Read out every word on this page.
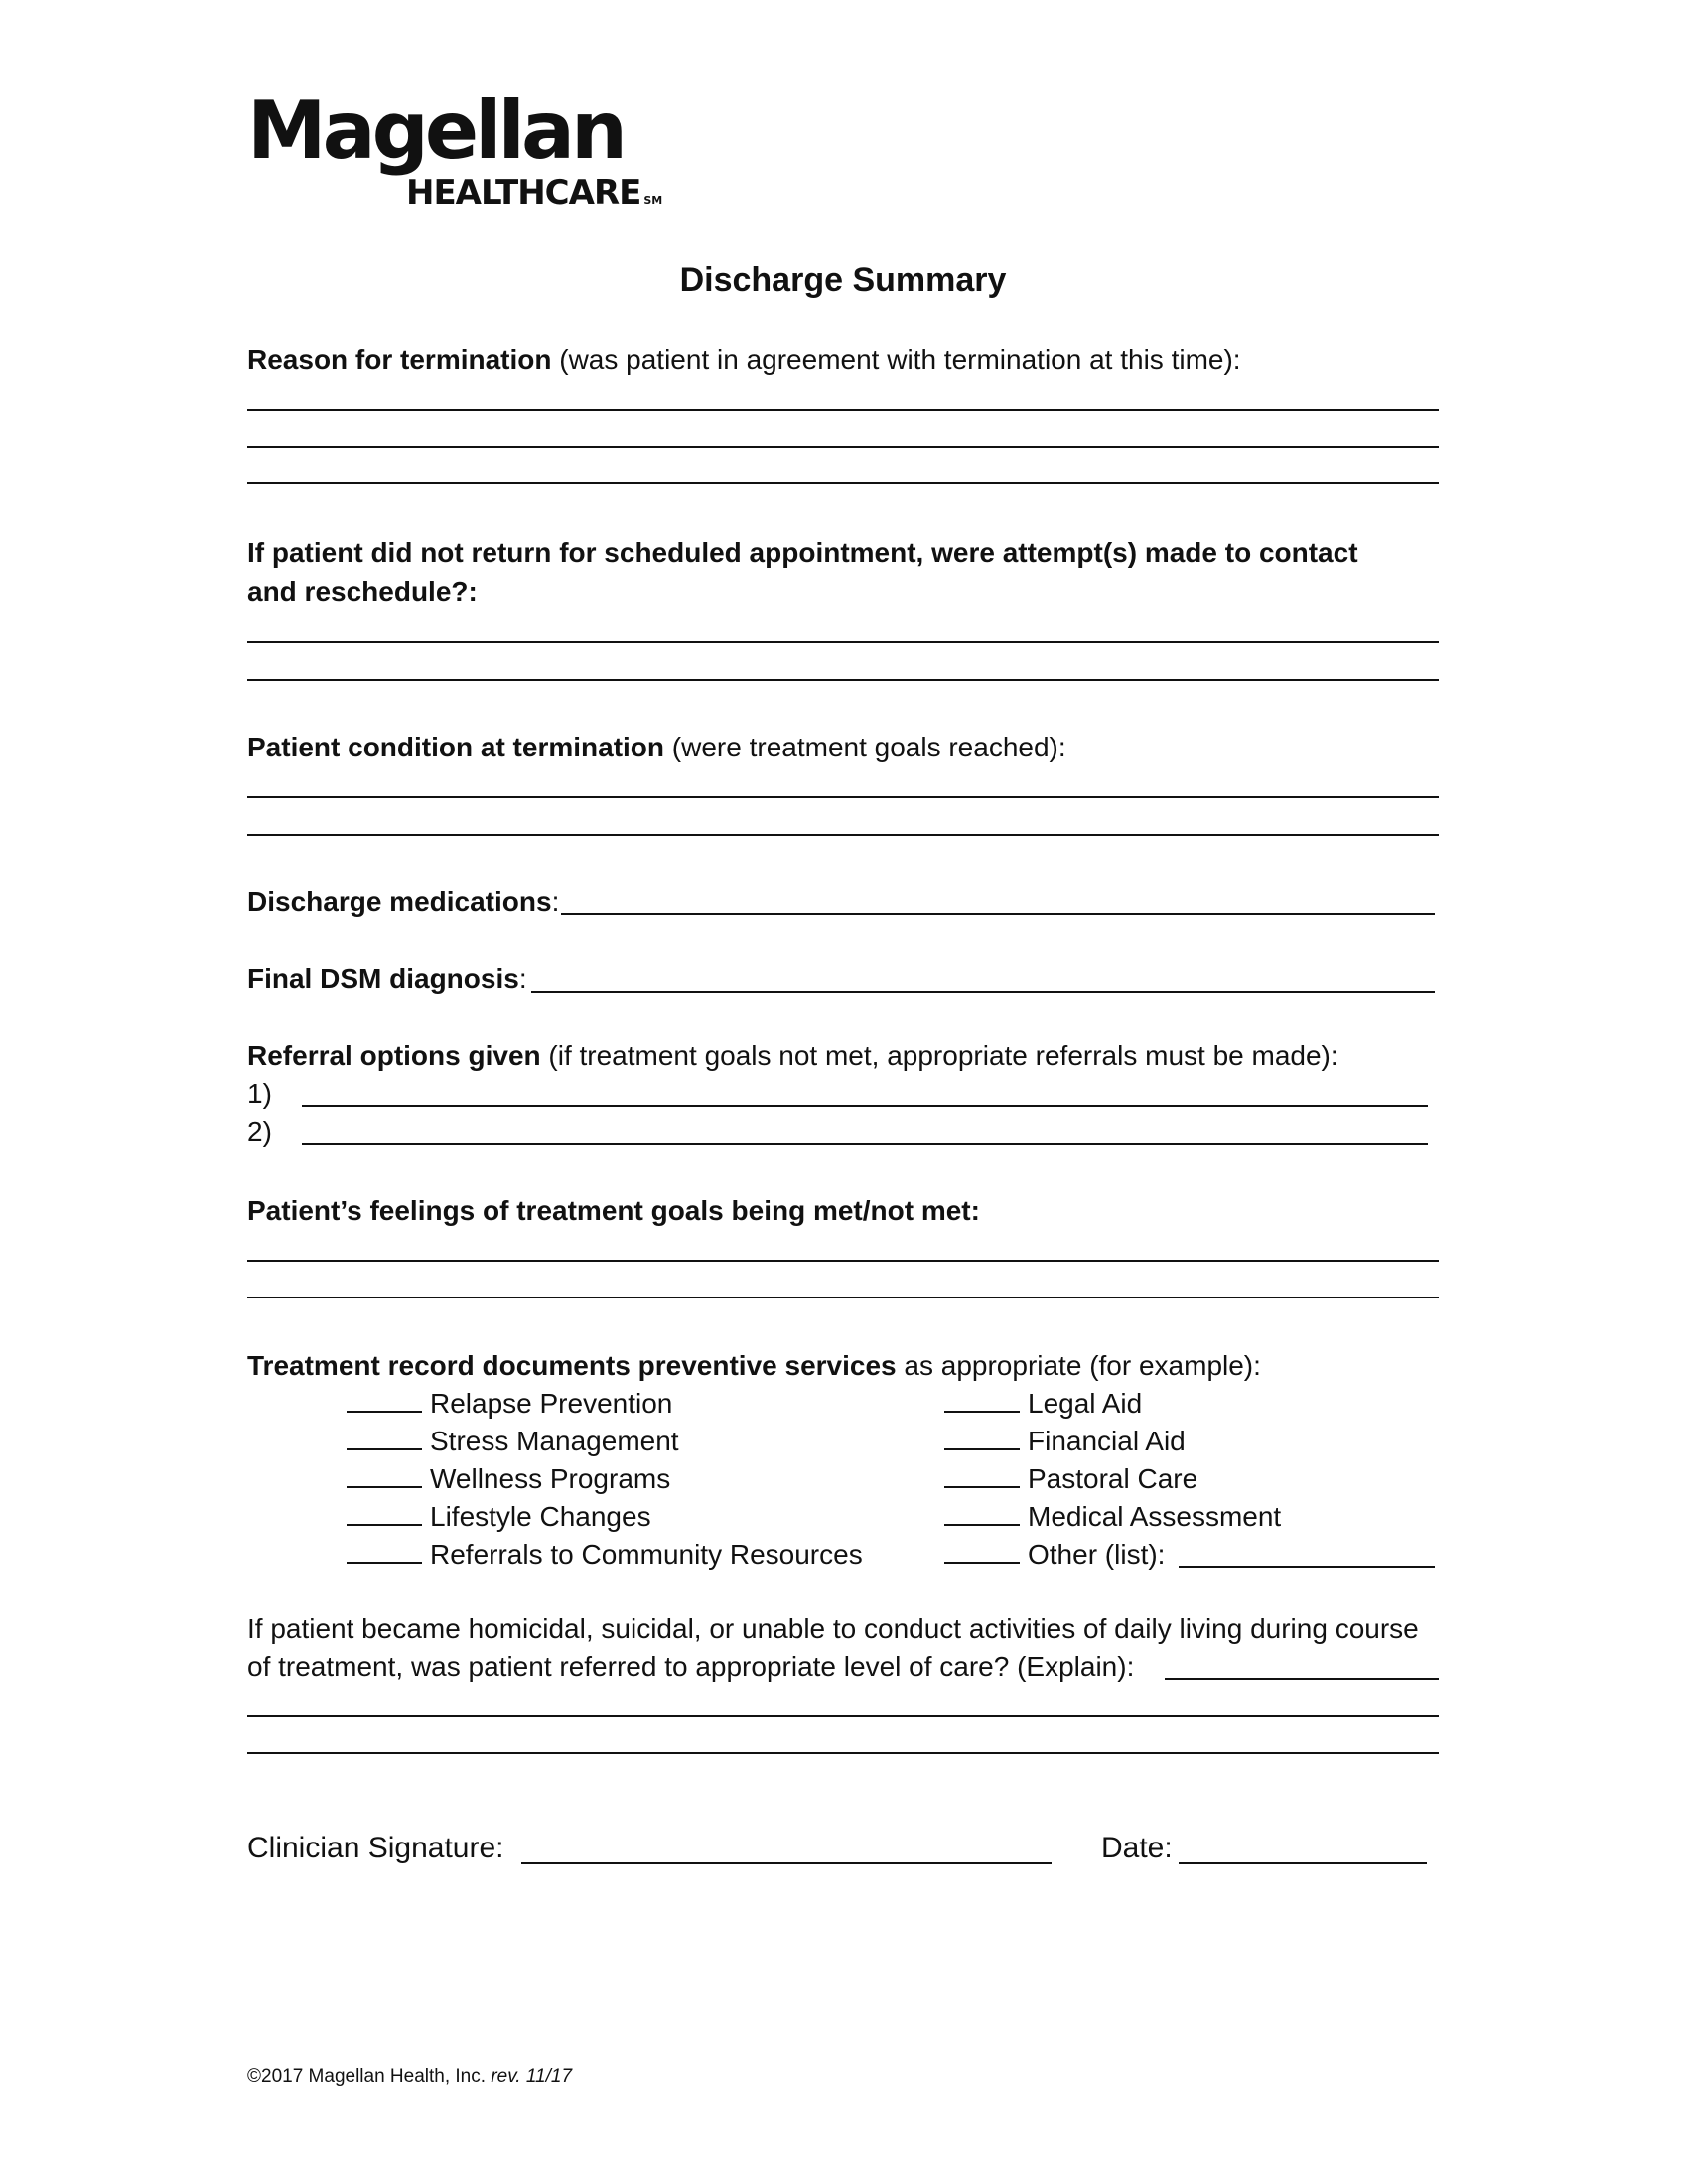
Magellan
HEALTHCARE SM
Discharge Summary
Reason for termination (was patient in agreement with termination at this time):
If patient did not return for scheduled appointment, were attempt(s) made to contact
and reschedule?:
Patient condition at termination (were treatment goals reached):
Discharge medications:
Final DSM diagnosis:
Referral options given (if treatment goals not met, appropriate referrals must be made):
1)
2)
Patient’s feelings of treatment goals being met/not met:
Treatment record documents preventive services as appropriate (for example):
Relapse Prevention
Stress Management
Wellness Programs
Lifestyle Changes
Referrals to Community Resources
Legal Aid
Financial Aid
Pastoral Care
Medical Assessment
Other (list):
If patient became homicidal, suicidal, or unable to conduct activities of daily living during course
of treatment, was patient referred to appropriate level of care? (Explain):
Clinician Signature:	Date:
©2017 Magellan Health, Inc. rev. 11/17
